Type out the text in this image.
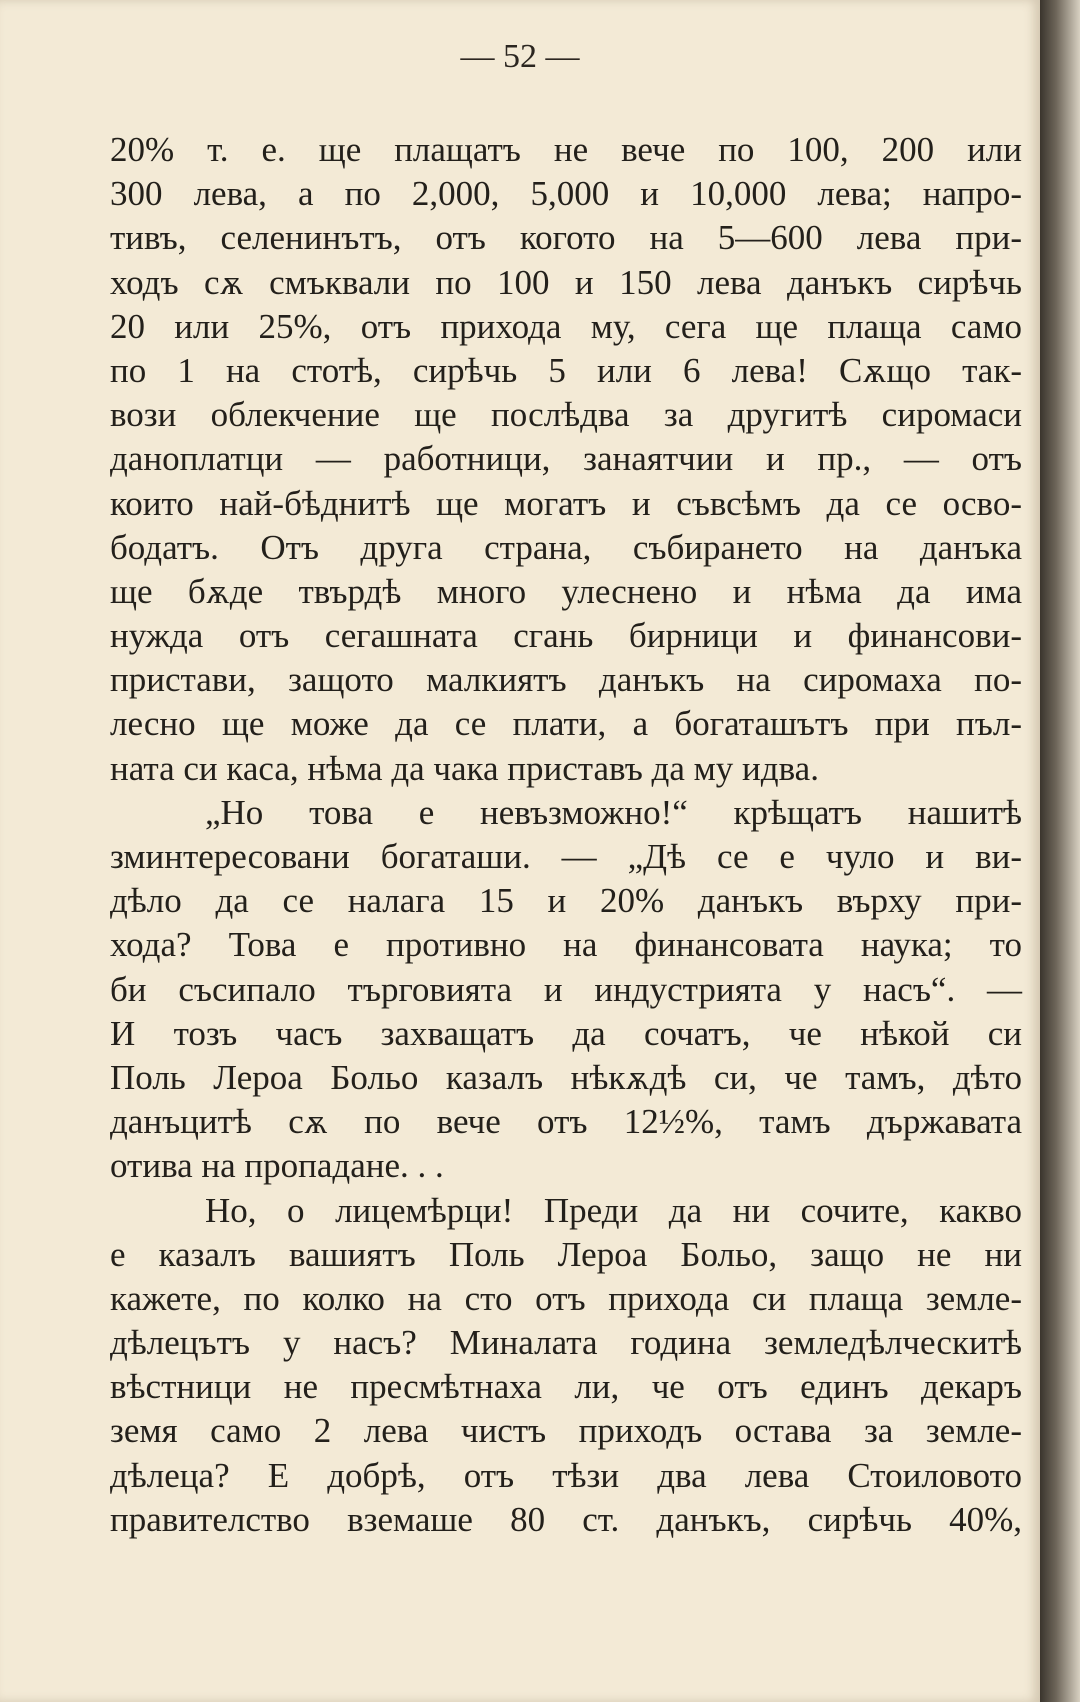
— 52 —
20% т. е. ще плащатъ не вече по 100, 200 или
300 лева, а по 2,000, 5,000 и 10,000 лева; напро-
тивъ, селенинътъ, отъ когото на 5—600 лева при-
ходъ сѫ смъквали по 100 и 150 лева данъкъ сирѣчь
20 или 25%, отъ прихода му, сега ще плаща само
по 1 на стотѣ, сирѣчь 5 или 6 лева! Сѫщо так-
вози облекчение ще послѣдва за другитѣ сиромаси
данoплатци — работници, занаятчии и пр., — отъ
които най-бѣднитѣ ще могатъ и съвсѣмъ да се осво-
бодатъ. Отъ друга страна, събирането на данъка
ще бѫде твърдѣ много улеснено и нѣма да има
нужда отъ сегашната сгань бирници и финансови-
пристави, защото малкиятъ данъкъ на сиромаха по-
лесно ще може да се плати, а богаташътъ при пъл-
ната си каса, нѣма да чака приставъ да му идва.
„Но това е невъзможно!“ крѣщатъ нашитѣ
зминтересовани богаташи. — „Дѣ се е чуло и ви-
дѣло да се налага 15 и 20% данъкъ върху при-
хода? Това е противно на финансовата наука; то
би съсипало търговията и индустрията у насъ“. —
И тозъ часъ захващатъ да сочатъ, че нѣкой си
Поль Лероа Больо казалъ нѣкѫдѣ си, че тамъ, дѣто
данъцитѣ сѫ по вече отъ 12½%, тамъ държавата
отива на пропадане. . .
Но, о лицемѣрци! Преди да ни сочите, какво
е казалъ вашиятъ Поль Лероа Больо, защо не ни
кажете, по колко на сто отъ прихода си плаща земле-
дѣлецътъ у насъ? Миналата година земледѣлческитѣ
вѣстници не пресмѣтнаха ли, че отъ единъ декаръ
земя само 2 лева чистъ приходъ остава за земле-
дѣлеца? Е добрѣ, отъ тѣзи два лева Стоиловото
правителство вземаше 80 ст. данъкъ, сирѣчь 40%,
